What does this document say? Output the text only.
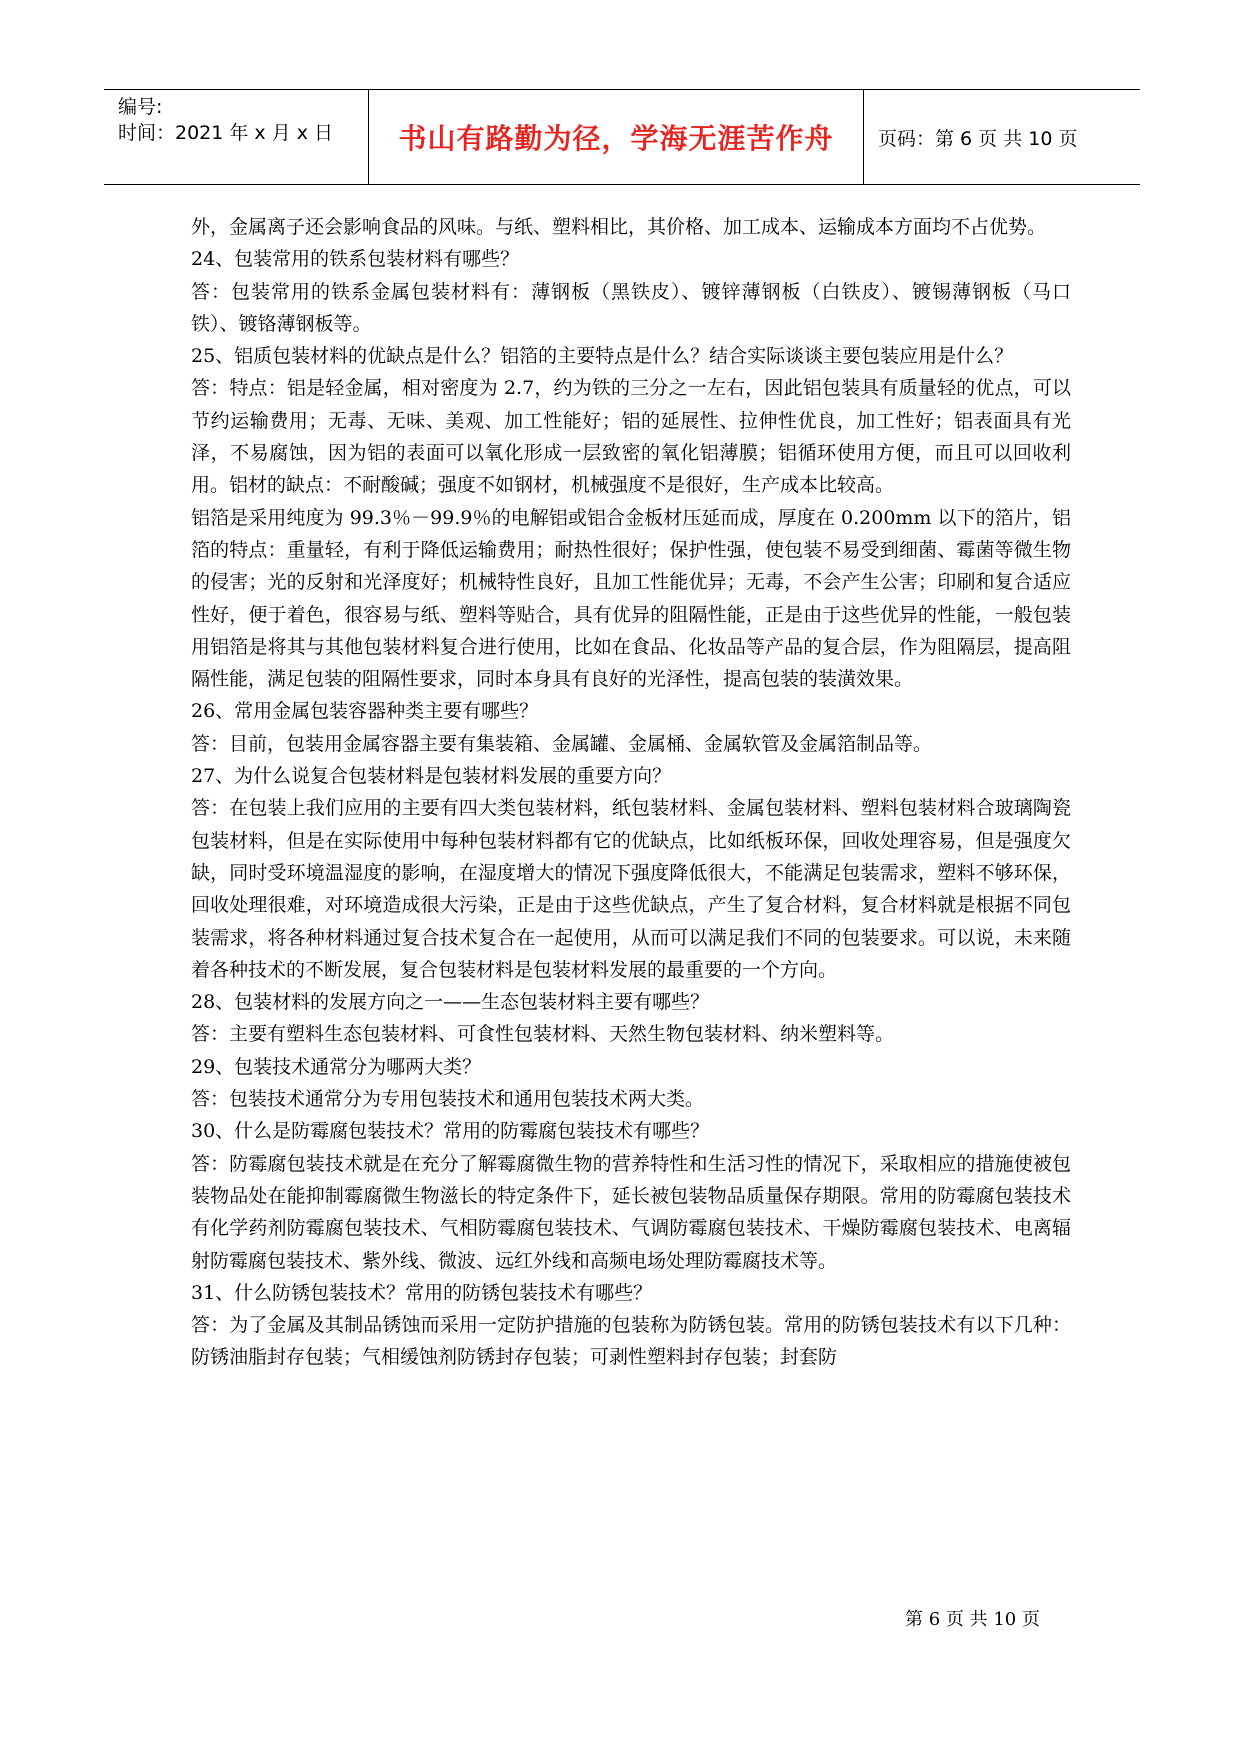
编号:
时间：2021 年 x 月 x 日	书山有路勤为径，学海无涯苦作舟 页码：第 6 页 共 10 页

外，金属离子还会影响食品的风味。与纸、塑料相比，其价格、加工成本、运输成本方面均不占优势。

24、包装常用的铁系包装材料有哪些？

答：包装常用的铁系金属包装材料有：薄钢板（黑铁皮）、镀锌薄钢板（白铁皮）、镀锡薄钢板（马口铁）、镀铬薄钢板等。

25、铝质包装材料的优缺点是什么？铝箔的主要特点是什么？结合实际谈谈主要包装应用是什么？

答：特点：铝是轻金属，相对密度为 2.7，约为铁的三分之一左右，因此铝包装具有质量轻的优点，可以节约运输费用；无毒、无味、美观、加工性能好；铝的延展性、拉伸性优良，加工性好；铝表面具有光泽，不易腐蚀，因为铝的表面可以氧化形成一层致密的氧化铝薄膜；铝循环使用方便，而且可以回收利用。铝材的缺点：不耐酸碱；强度不如钢材，机械强度不是很好，生产成本比较高。

铝箔是采用纯度为 99.3％－99.9％的电解铝或铝合金板材压延而成，厚度在 0.200mm 以下的箔片，铝箔的特点：重量轻，有利于降低运输费用；耐热性很好；保护性强，使包装不易受到细菌、霉菌等微生物的侵害；光的反射和光泽度好；机械特性良好，且加工性能优异；无毒，不会产生公害；印刷和复合适应性好，便于着色，很容易与纸、塑料等贴合，具有优异的阻隔性能，正是由于这些优异的性能，一般包装用铝箔是将其与其他包装材料复合进行使用，比如在食品、化妆品等产品的复合层，作为阻隔层，提高阻隔性能，满足包装的阻隔性要求，同时本身具有良好的光泽性，提高包装的装潢效果。

26、常用金属包装容器种类主要有哪些？

答：目前，包装用金属容器主要有集装箱、金属罐、金属桶、金属软管及金属箔制品等。

27、为什么说复合包装材料是包装材料发展的重要方向？

答：在包装上我们应用的主要有四大类包装材料，纸包装材料、金属包装材料、塑料包装材料合玻璃陶瓷包装材料，但是在实际使用中每种包装材料都有它的优缺点，比如纸板环保，回收处理容易，但是强度欠缺，同时受环境温湿度的影响，在湿度增大的情况下强度降低很大，不能满足包装需求，塑料不够环保，回收处理很难，对环境造成很大污染，正是由于这些优缺点，产生了复合材料，复合材料就是根据不同包装需求，将各种材料通过复合技术复合在一起使用，从而可以满足我们不同的包装要求。可以说，未来随着各种技术的不断发展，复合包装材料是包装材料发展的最重要的一个方向。

28、包装材料的发展方向之一——生态包装材料主要有哪些？

答：主要有塑料生态包装材料、可食性包装材料、天然生物包装材料、纳米塑料等。

29、包装技术通常分为哪两大类？

答：包装技术通常分为专用包装技术和通用包装技术两大类。

30、什么是防霉腐包装技术？常用的防霉腐包装技术有哪些？

答：防霉腐包装技术就是在充分了解霉腐微生物的营养特性和生活习性的情况下，采取相应的措施使被包装物品处在能抑制霉腐微生物滋长的特定条件下，延长被包装物品质量保存期限。常用的防霉腐包装技术有化学药剂防霉腐包装技术、气相防霉腐包装技术、气调防霉腐包装技术、干燥防霉腐包装技术、电离辐射防霉腐包装技术、紫外线、微波、远红外线和高频电场处理防霉腐技术等。

31、什么防锈包装技术？常用的防锈包装技术有哪些？

答：为了金属及其制品锈蚀而采用一定防护措施的包装称为防锈包装。常用的防锈包装技术有以下几种：防锈油脂封存包装；气相缓蚀剂防锈封存包装；可剥性塑料封存包装；封套防

第 6 页 共 10 页
